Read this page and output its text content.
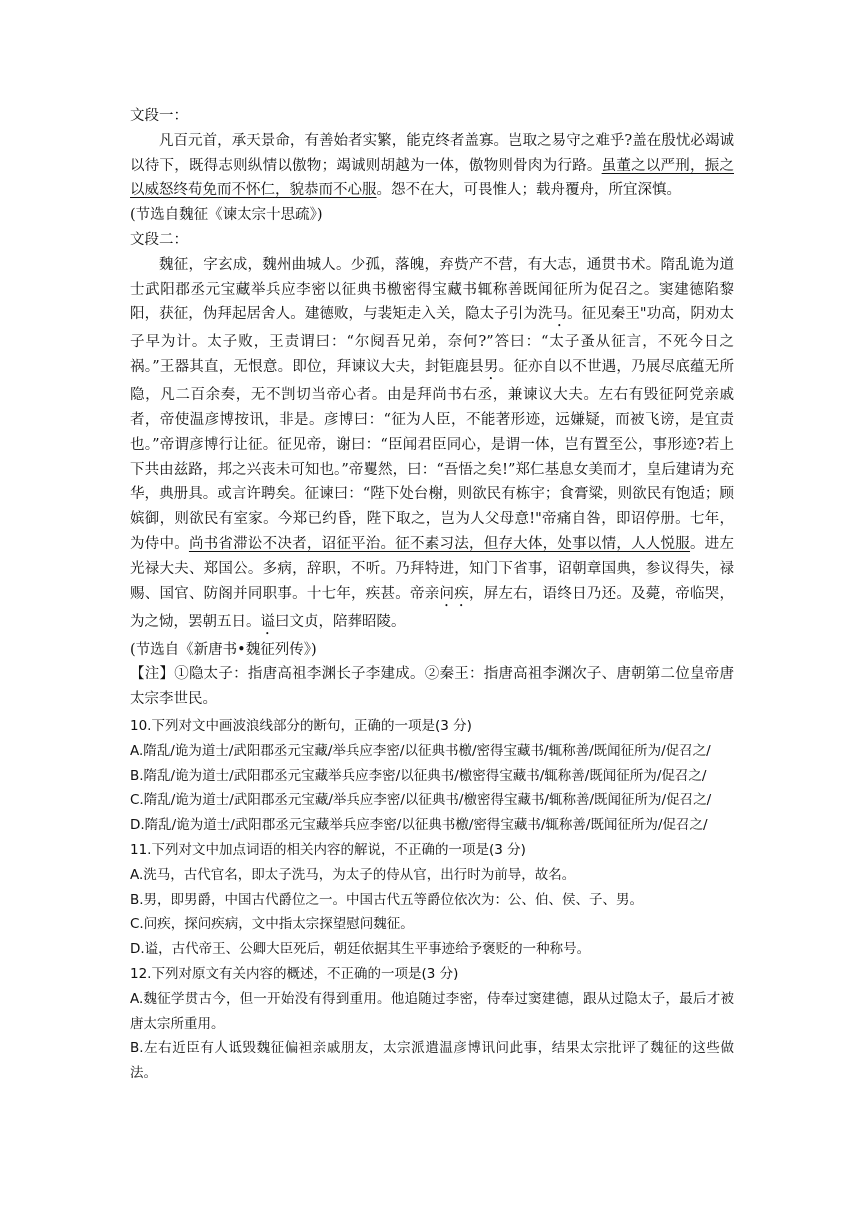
文段一：

凡百元首，承天景命，有善始者实繁，能克终者盖寡。岂取之易守之难乎?盖在殷忧必竭诚以待下，既得志则纵情以傲物；竭诚则胡越为一体，傲物则骨肉为行路。虽董之以严刑，振之以威怒终苟免而不怀仁，貌恭而不心服。怨不在大，可畏惟人；载舟覆舟，所宜深慎。

(节选自魏征《谏太宗十思疏》)

文段二：

魏征，字玄成，魏州曲城人。少孤，落魄，弃赀产不营，有大志，通贯书术。隋乱诡为道士武阳郡丞元宝藏举兵应李密以征典书檄密得宝藏书辄称善既闻征所为促召之。窦建德陷黎阳，获征，伪拜起居舍人。建德败，与裴矩走入关，隐太子引为洗马。征见秦王"功高，阴劝太子早为计。太子败，王责谓曰：“尔阋吾兄弟，奈何?”答曰：“太子蚤从征言，不死今日之祸。”王器其直，无恨意。即位，拜谏议大夫，封钜鹿县男。征亦自以不世遇，乃展尽底蕴无所隐，凡二百余奏，无不剀切当帝心者。由是拜尚书右丞，兼谏议大夫。左右有毁征阿党亲戚者，帝使温彦博按讯，非是。彦博曰：“征为人臣，不能著形迹，远嫌疑，而被飞谤，是宜责也。”帝谓彦博行让征。征见帝，谢曰：“臣闻君臣同心，是谓一体，岂有置至公，事形迹?若上下共由兹路，邦之兴丧未可知也。”帝矍然，曰：“吾悟之矣!”郑仁基息女美而才，皇后建请为充华，典册具。或言许聘矣。征谏曰：“陛下处台榭，则欲民有栋宇；食膏粱，则欲民有饱适；顾嫔御，则欲民有室家。今郑已约昏，陛下取之，岂为人父母意!"帝痛自咎，即诏停册。七年，为侍中。尚书省滞讼不决者，诏征平治。征不素习法，但存大体，处事以情，人人悦服。进左光禄大夫、郑国公。多病，辞职，不听。乃拜特进，知门下省事，诏朝章国典，参议得失，禄赐、国官、防阁并同职事。十七年，疾甚。帝亲问疾，屏左右，语终日乃还。及薨，帝临哭，为之恸，罢朝五日。谥曰文贞，陪葬昭陵。

(节选自《新唐书•魏征列传》)

【注】①隐太子：指唐高祖李渊长子李建成。②秦王：指唐高祖李渊次子、唐朝第二位皇帝唐太宗李世民。

10.下列对文中画波浪线部分的断句，正确的一项是(3 分)

A.隋乱/诡为道士/武阳郡丞元宝藏/举兵应李密/以征典书檄/密得宝藏书/辄称善/既闻征所为/促召之/

B.隋乱/诡为道士/武阳郡丞元宝藏举兵应李密/以征典书/檄密得宝藏书/辄称善/既闻征所为/促召之/

C.隋乱/诡为道士/武阳郡丞元宝藏/举兵应李密/以征典书/檄密得宝藏书/辄称善/既闻征所为/促召之/

D.隋乱/诡为道士/武阳郡丞元宝藏举兵应李密/以征典书檄/密得宝藏书/辄称善/既闻征所为/促召之/

11.下列对文中加点词语的相关内容的解说，不正确的一项是(3 分)

A.洗马，古代官名，即太子洗马，为太子的侍从官，出行时为前导，故名。

B.男，即男爵，中国古代爵位之一。中国古代五等爵位依次为：公、伯、侯、子、男。

C.问疾，探问疾病，文中指太宗探望慰问魏征。

D.谥，古代帝王、公卿大臣死后，朝廷依据其生平事迹给予褒贬的一种称号。

12.下列对原文有关内容的概述，不正确的一项是(3 分)

A.魏征学贯古今，但一开始没有得到重用。他追随过李密，侍奉过窦建德，跟从过隐太子，最后才被唐太宗所重用。

B.左右近臣有人诋毁魏征偏袒亲戚朋友，太宗派遣温彦博讯问此事，结果太宗批评了魏征的这些做法。
